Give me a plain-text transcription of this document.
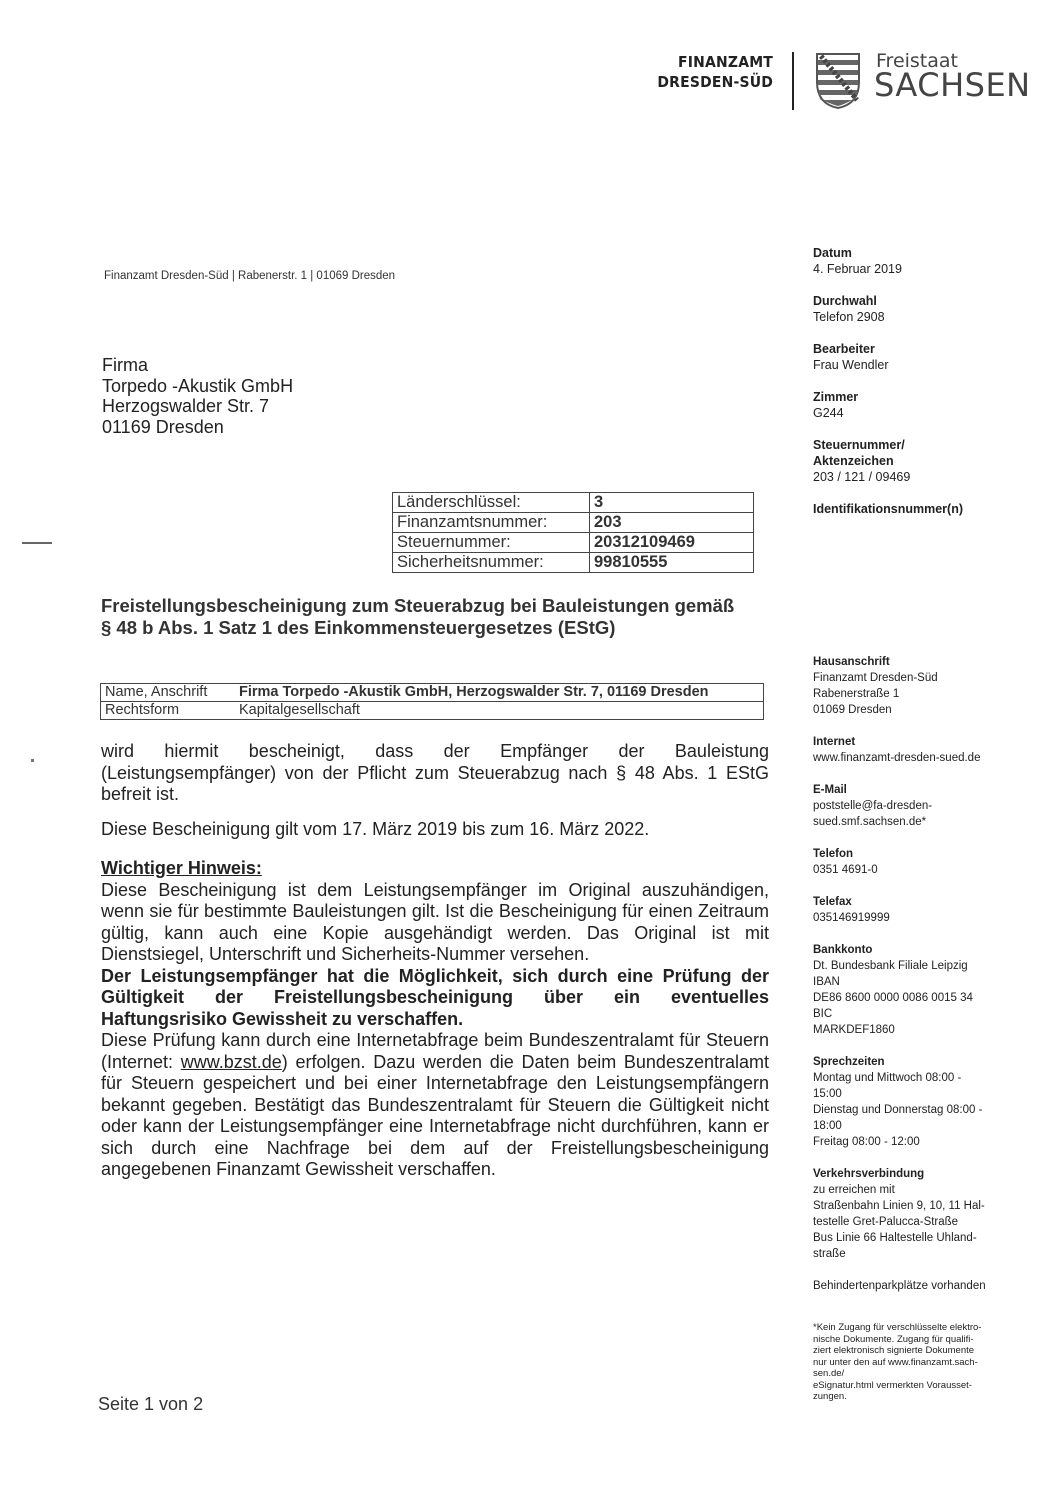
FINANZAMT
DRESDEN-SÜD
Freistaat
SACHSEN
Finanzamt Dresden-Süd | Rabenerstr. 1 | 01069 Dresden
Firma
Torpedo -Akustik GmbH
Herzogswalder Str. 7
01169 Dresden
Datum
4. Februar 2019
Durchwahl
Telefon 2908
Bearbeiter
Frau Wendler
Zimmer
G244
Steuernummer/
Aktenzeichen
203 / 121 / 09469
Identifikationsnummer(n)
Hausanschrift
Finanzamt Dresden-Süd
Rabenerstraße 1
01069 Dresden
Internet
www.finanzamt-dresden-sued.de
E-Mail
poststelle@fa-dresden-
sued.smf.sachsen.de*
Telefon
0351 4691-0
Telefax
035146919999
Bankkonto
Dt. Bundesbank Filiale Leipzig
IBAN
DE86 8600 0000 0086 0015 34
BIC
MARKDEF1860
Sprechzeiten
Montag und Mittwoch 08:00 -
15:00
Dienstag und Donnerstag 08:00 -
18:00
Freitag 08:00 - 12:00
Verkehrsverbindung
zu erreichen mit
Straßenbahn Linien 9, 10, 11 Hal-
testelle Gret-Palucca-Straße
Bus Linie 66 Haltestelle Uhland-
straße
Behindertenparkplätze vorhanden
*Kein Zugang für verschlüsselte elektro-
nische Dokumente. Zugang für qualifi-
ziert elektronisch signierte Dokumente
nur unter den auf www.finanzamt.sach-
sen.de/
eSignatur.html vermerkten Vorausset-
zungen.
Länderschlüssel:	3
Finanzamtsnummer:	203
Steuernummer:	20312109469
Sicherheitsnummer:	99810555
Freistellungsbescheinigung zum Steuerabzug bei Bauleistungen gemäß
§ 48 b Abs. 1 Satz 1 des Einkommensteuergesetzes (EStG)
Name, Anschrift	Firma Torpedo -Akustik GmbH, Herzogswalder Str. 7, 01169 Dresden
Rechtsform	Kapitalgesellschaft
wird hiermit bescheinigt, dass der Empfänger der Bauleistung (Leistungsempfänger) von der Pflicht zum Steuerabzug nach § 48 Abs. 1 EStG befreit ist.
Diese Bescheinigung gilt vom 17. März 2019 bis zum 16. März 2022.
Wichtiger Hinweis:
Diese Bescheinigung ist dem Leistungsempfänger im Original auszuhändigen, wenn sie für bestimmte Bauleistungen gilt. Ist die Bescheinigung für einen Zeitraum gültig, kann auch eine Kopie ausgehändigt werden. Das Original ist mit Dienstsiegel, Unterschrift und Sicherheits-Nummer versehen.
Der Leistungsempfänger hat die Möglichkeit, sich durch eine Prüfung der Gültigkeit der Freistellungsbescheinigung über ein eventuelles Haftungsrisiko Gewissheit zu verschaffen.
Diese Prüfung kann durch eine Internetabfrage beim Bundeszentralamt für Steuern (Internet: www.bzst.de) erfolgen. Dazu werden die Daten beim Bundeszentralamt für Steuern gespeichert und bei einer Internetabfrage den Leistungsempfängern bekannt gegeben. Bestätigt das Bundeszentralamt für Steuern die Gültigkeit nicht oder kann der Leistungsempfänger eine Internetabfrage nicht durchführen, kann er sich durch eine Nachfrage bei dem auf der Freistellungsbescheinigung angegebenen Finanzamt Gewissheit verschaffen.
Seite 1 von 2
